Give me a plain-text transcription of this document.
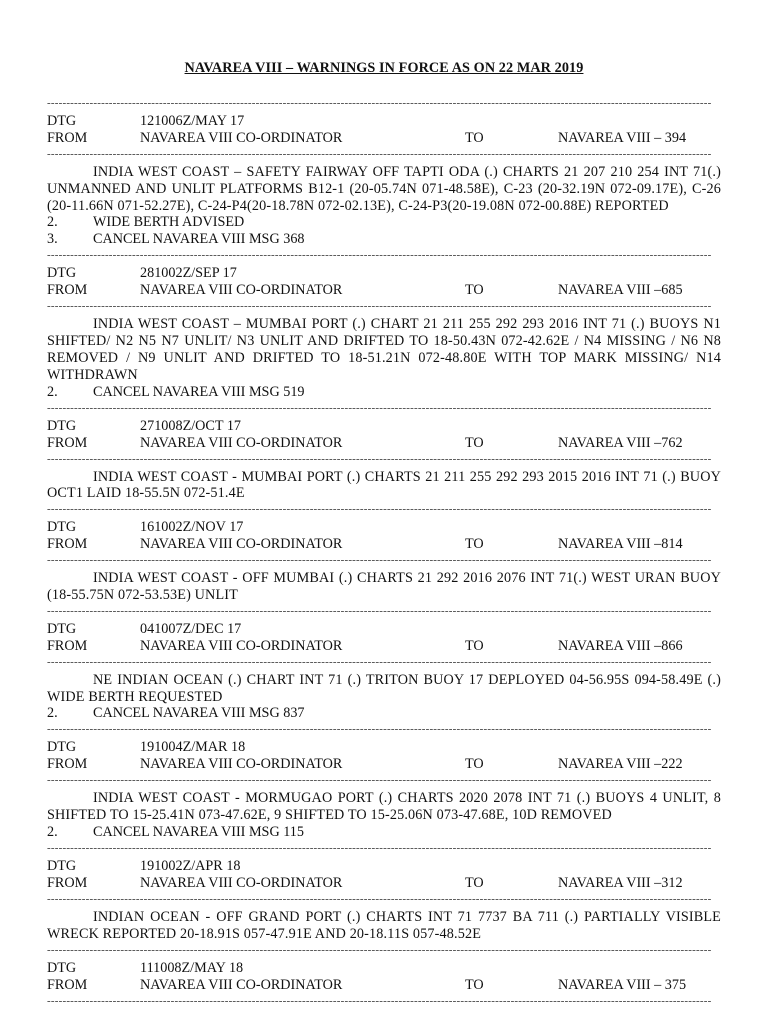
NAVAREA VIII – WARNINGS IN FORCE AS ON 22 MAR 2019
----------------------------------------------------------------------------------------------------------------------------------------------------------------------------
DTG	121006Z/MAY 17
FROM	NAVAREA VIII CO-ORDINATOR	TO	NAVAREA VIII – 394
----------------------------------------------------------------------------------------------------------------------------------------------------------------------------

INDIA WEST COAST – SAFETY FAIRWAY OFF TAPTI ODA (.) CHARTS 21 207 210 254 INT 71(.) UNMANNED AND UNLIT PLATFORMS B12-1 (20-05.74N 071-48.58E), C-23 (20-32.19N 072-09.17E), C-26 (20-11.66N 071-52.27E), C-24-P4(20-18.78N 072-02.13E), C-24-P3(20-19.08N 072-00.88E) REPORTED

2. WIDE BERTH ADVISED
3. CANCEL NAVAREA VIII MSG 368
----------------------------------------------------------------------------------------------------------------------------------------------------------------------------
DTG	281002Z/SEP 17
FROM	NAVAREA VIII CO-ORDINATOR	TO	NAVAREA VIII –685
----------------------------------------------------------------------------------------------------------------------------------------------------------------------------

INDIA WEST COAST – MUMBAI PORT (.) CHART 21 211 255 292 293 2016 INT 71 (.) BUOYS N1 SHIFTED/ N2 N5 N7 UNLIT/ N3 UNLIT AND DRIFTED TO 18-50.43N 072-42.62E / N4 MISSING / N6 N8 REMOVED / N9 UNLIT AND DRIFTED TO 18-51.21N 072-48.80E WITH TOP MARK MISSING/ N14 WITHDRAWN

2. CANCEL NAVAREA VIII MSG 519
----------------------------------------------------------------------------------------------------------------------------------------------------------------------------
DTG	271008Z/OCT 17
FROM	NAVAREA VIII CO-ORDINATOR	TO	NAVAREA VIII –762
----------------------------------------------------------------------------------------------------------------------------------------------------------------------------

INDIA WEST COAST - MUMBAI PORT (.) CHARTS 21 211 255 292 293 2015 2016 INT 71 (.) BUOY OCT1 LAID 18-55.5N 072-51.4E

----------------------------------------------------------------------------------------------------------------------------------------------------------------------------
DTG	161002Z/NOV 17
FROM	NAVAREA VIII CO-ORDINATOR	TO	NAVAREA VIII –814
----------------------------------------------------------------------------------------------------------------------------------------------------------------------------

INDIA WEST COAST - OFF MUMBAI (.) CHARTS 21 292 2016 2076 INT 71(.) WEST URAN BUOY (18-55.75N 072-53.53E) UNLIT

----------------------------------------------------------------------------------------------------------------------------------------------------------------------------
DTG	041007Z/DEC 17
FROM	NAVAREA VIII CO-ORDINATOR	TO	NAVAREA VIII –866
----------------------------------------------------------------------------------------------------------------------------------------------------------------------------

NE INDIAN OCEAN (.) CHART INT 71 (.) TRITON BUOY 17 DEPLOYED 04-56.95S 094-58.49E (.) WIDE BERTH REQUESTED

2. CANCEL NAVAREA VIII MSG 837
----------------------------------------------------------------------------------------------------------------------------------------------------------------------------
DTG	191004Z/MAR 18
FROM	NAVAREA VIII CO-ORDINATOR	TO	NAVAREA VIII –222
----------------------------------------------------------------------------------------------------------------------------------------------------------------------------

INDIA WEST COAST - MORMUGAO PORT (.) CHARTS 2020 2078 INT 71 (.) BUOYS 4 UNLIT, 8 SHIFTED TO 15-25.41N 073-47.62E, 9 SHIFTED TO 15-25.06N 073-47.68E, 10D REMOVED

2. CANCEL NAVAREA VIII MSG 115
----------------------------------------------------------------------------------------------------------------------------------------------------------------------------
DTG	191002Z/APR 18
FROM	NAVAREA VIII CO-ORDINATOR	TO	NAVAREA VIII –312
----------------------------------------------------------------------------------------------------------------------------------------------------------------------------

INDIAN OCEAN - OFF GRAND PORT (.) CHARTS INT 71 7737 BA 711 (.) PARTIALLY VISIBLE WRECK REPORTED 20-18.91S 057-47.91E AND 20-18.11S 057-48.52E

----------------------------------------------------------------------------------------------------------------------------------------------------------------------------
DTG	111008Z/MAY 18
FROM	NAVAREA VIII CO-ORDINATOR	TO	NAVAREA VIII – 375
----------------------------------------------------------------------------------------------------------------------------------------------------------------------------
